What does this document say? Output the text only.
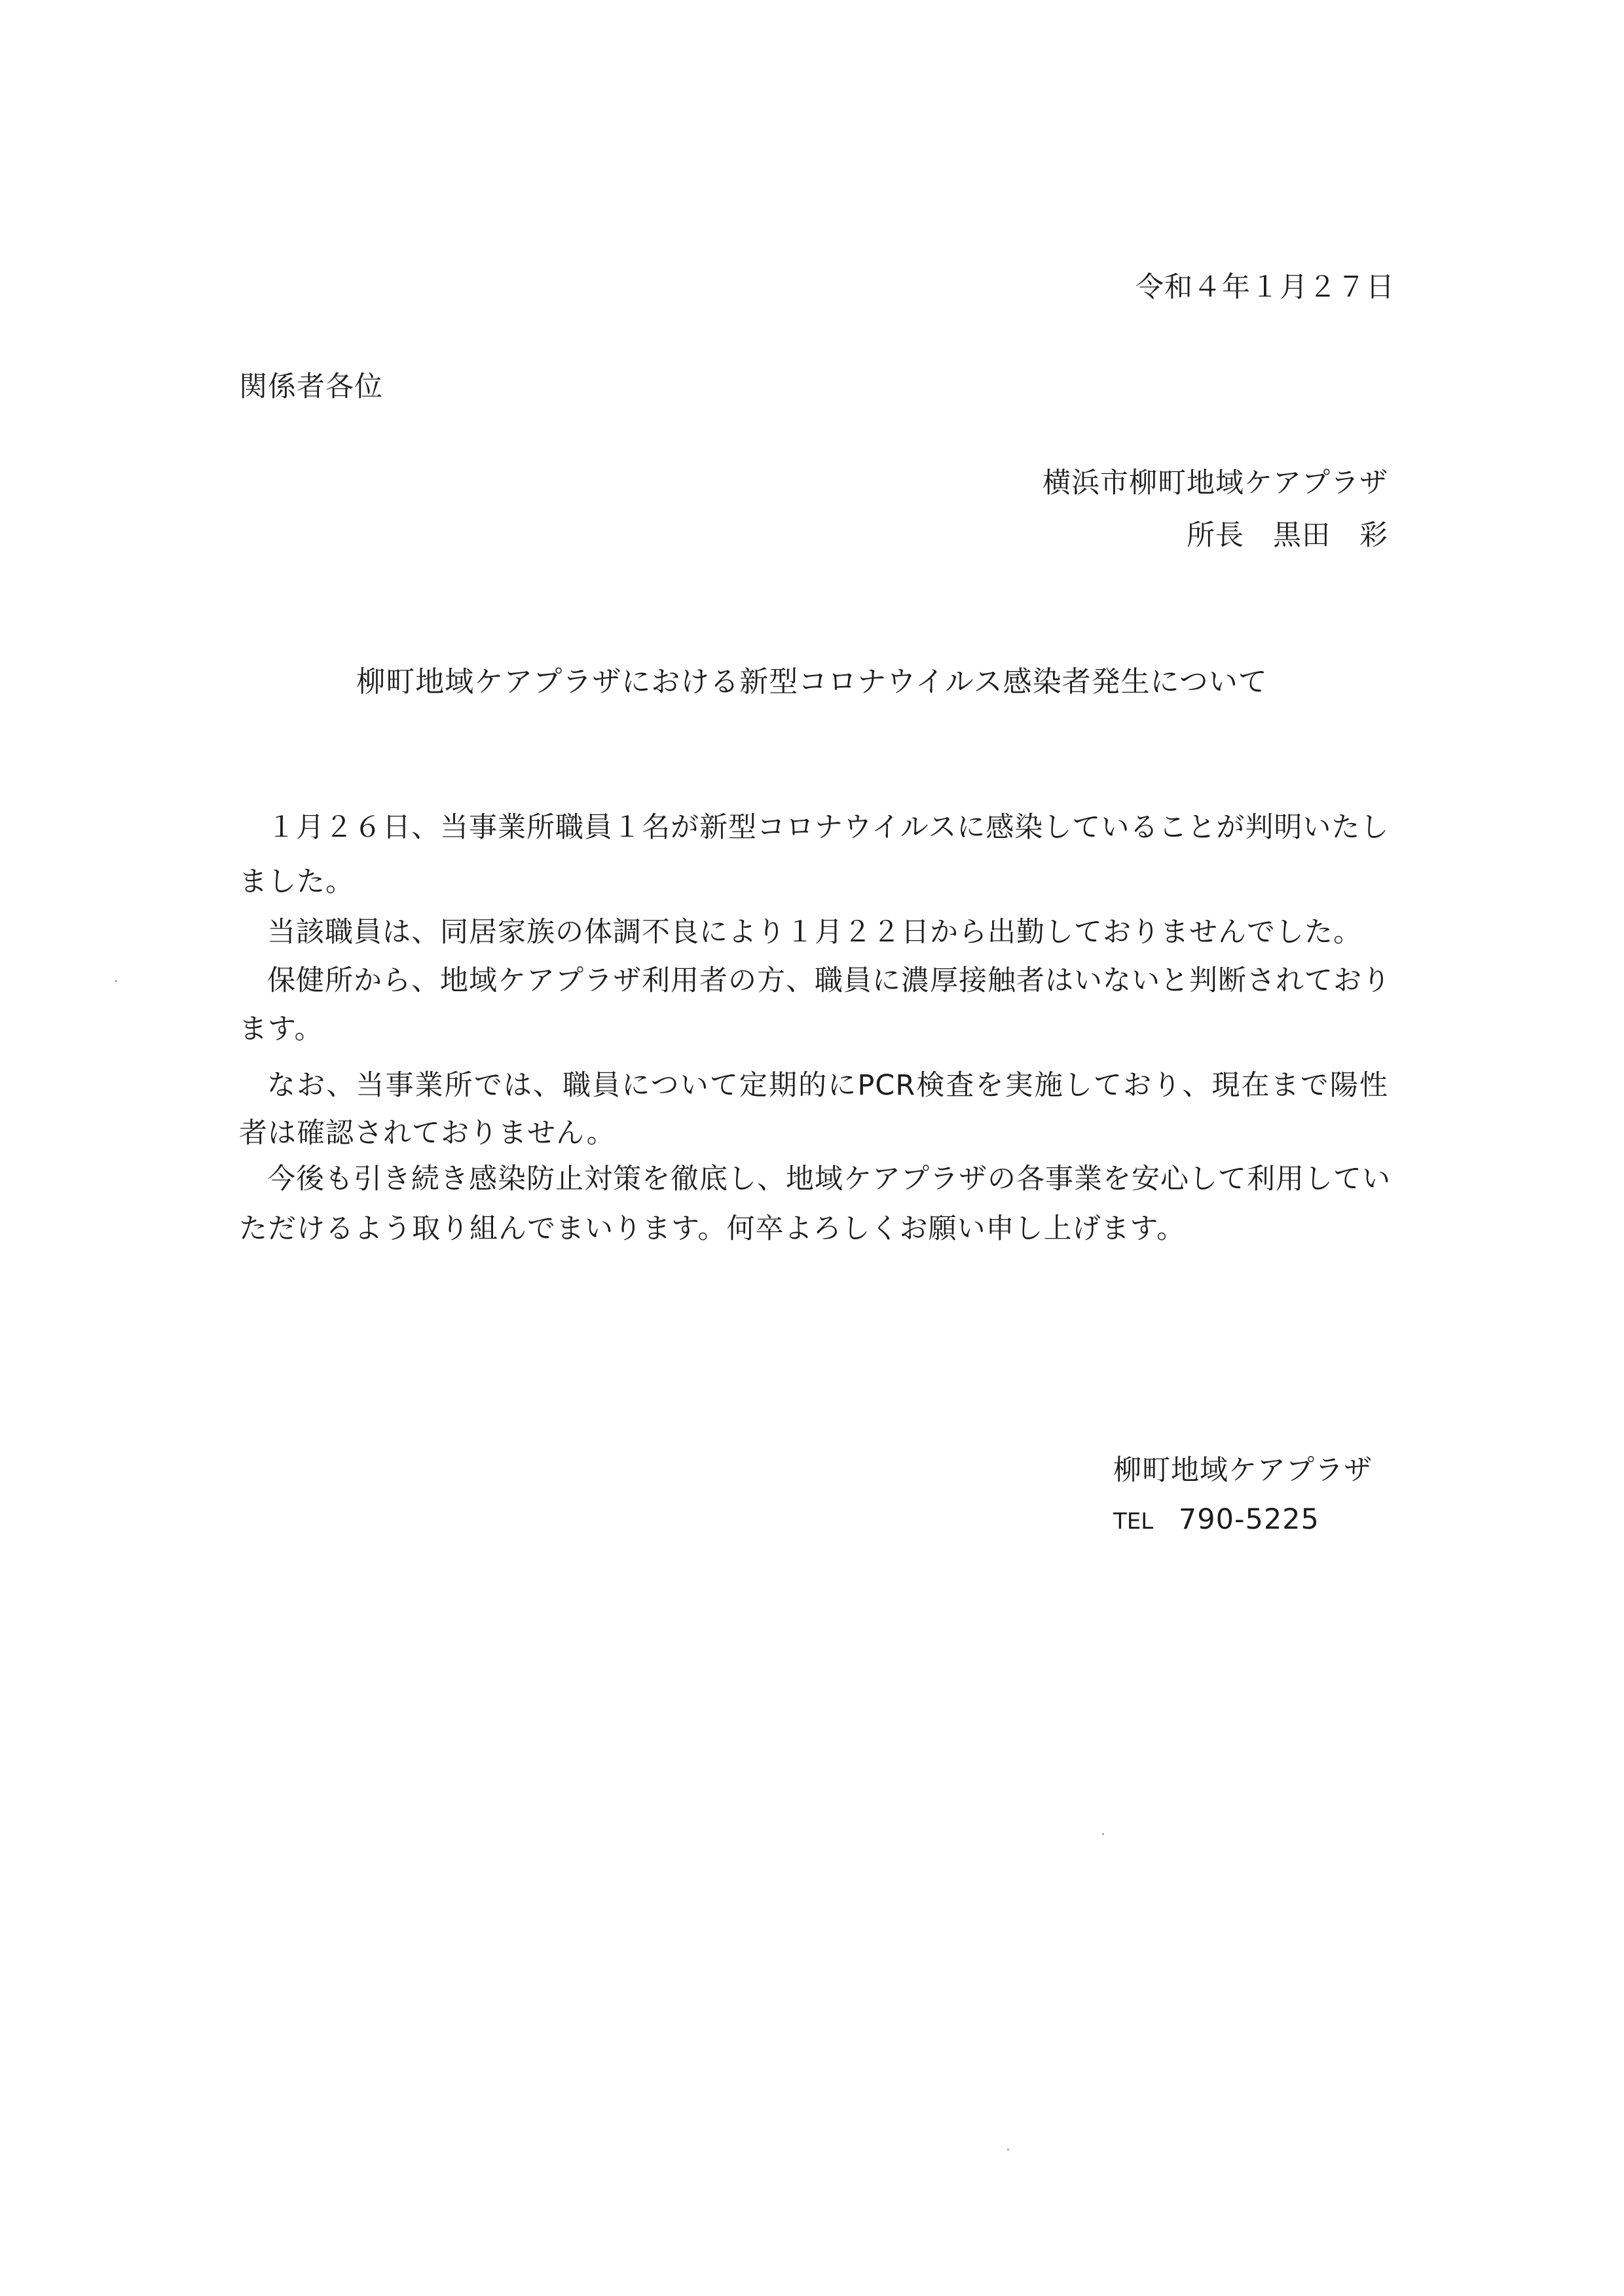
令和４年１月２７日
関係者各位
横浜市柳町地域ケアプラザ
所長　黒田　彩
柳町地域ケアプラザにおける新型コロナウイルス感染者発生について
１月２６日、当事業所職員１名が新型コロナウイルスに感染していることが判明いたし
ました。
当該職員は、同居家族の体調不良により１月２２日から出勤しておりませんでした。
保健所から、地域ケアプラザ利用者の方、職員に濃厚接触者はいないと判断されており
ます。
なお、当事業所では、職員について定期的にPCR検査を実施しており、現在まで陽性
者は確認されておりません。
今後も引き続き感染防止対策を徹底し、地域ケアプラザの各事業を安心して利用してい
ただけるよう取り組んでまいります。何卒よろしくお願い申し上げます。
柳町地域ケアプラザ
TEL 790-5225
